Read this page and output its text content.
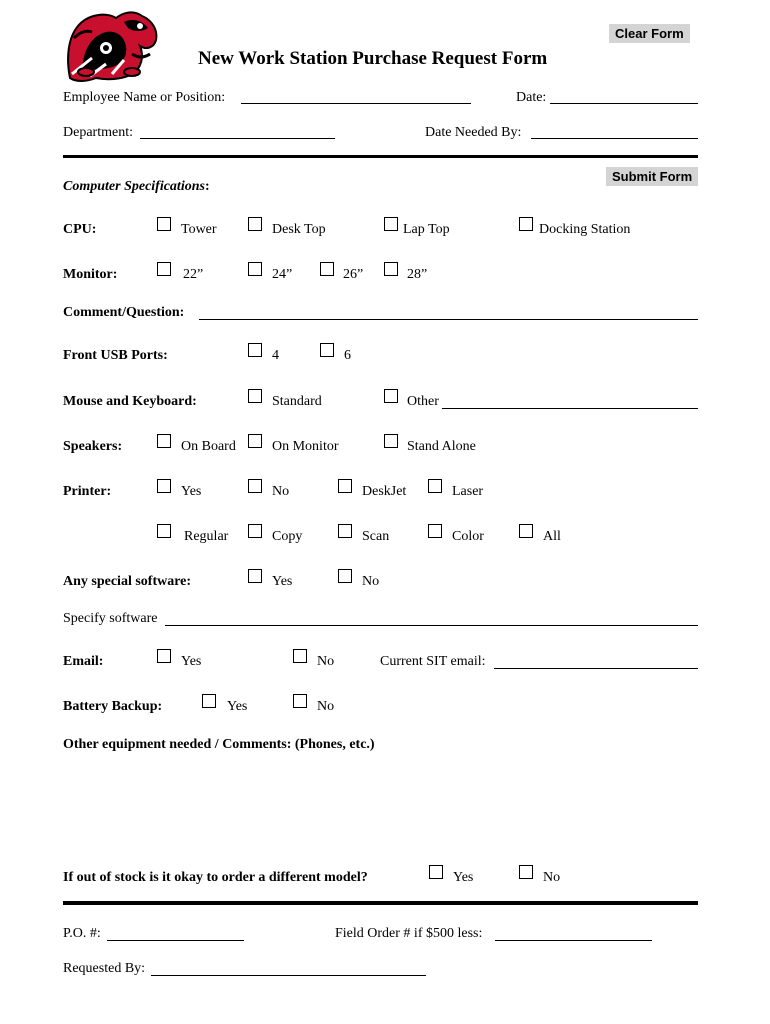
Clear Form
Submit Form
New Work Station Purchase Request Form
Employee Name or Position:	Date:
Department:	Date Needed By:
Computer Specifications:
CPU:	Tower	Desk Top	Lap Top	Docking Station
Monitor:	22”	24”	26”	28”
Comment/Question:
Front USB Ports:	4	6
Mouse and Keyboard:	Standard	Other
Speakers:	On Board	On Monitor	Stand Alone
Printer:	Yes	No	DeskJet	Laser
Regular	Copy	Scan	Color	All
Any special software:	Yes	No
Specify software
Email:	Yes	No	Current SIT email:
Battery Backup:	Yes	No
Other equipment needed / Comments: (Phones, etc.)
If out of stock is it okay to order a different model?	Yes	No
P.O. #:	Field Order # if $500 less:
Requested By:
